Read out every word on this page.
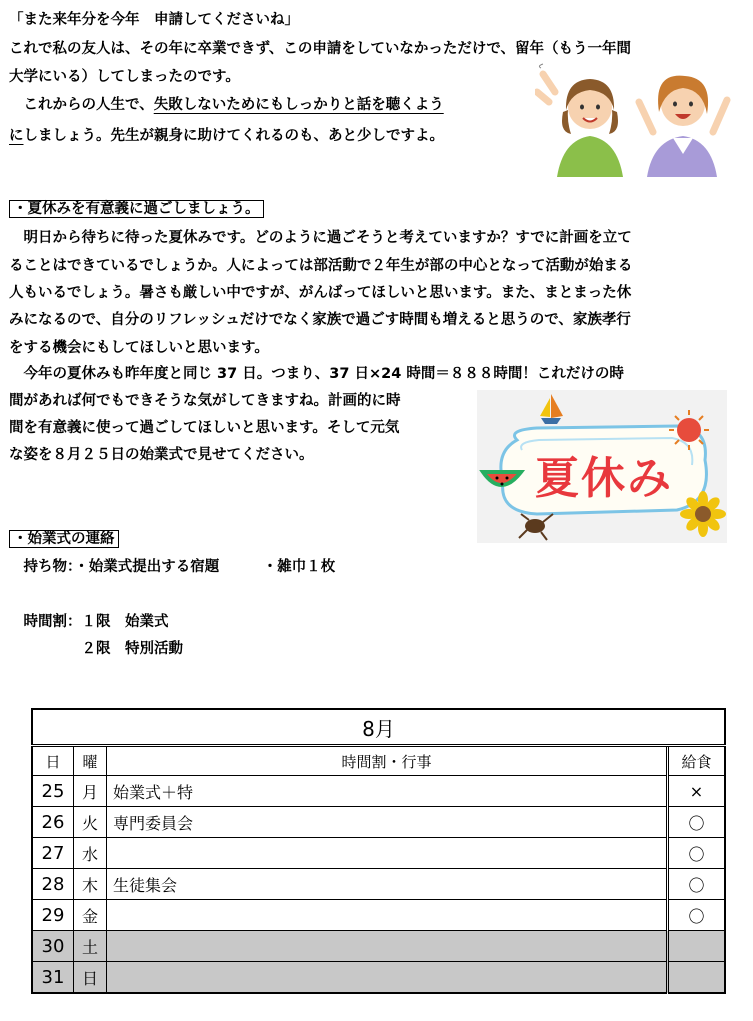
「また来年分を今年　申請してくださいね」
これで私の友人は、その年に卒業できず、この申請をしていなかっただけで、留年（もう一年間
大学にいる）してしまったのです。
　これからの人生で、失敗しないためにもしっかりと話を聴くよう
にしましょう。先生が親身に助けてくれるのも、あと少しですよ。
・夏休みを有意義に過ごしましょう。
　明日から待ちに待った夏休みです。どのように過ごそうと考えていますか？すでに計画を立て
ることはできているでしょうか。人によっては部活動で２年生が部の中心となって活動が始まる
人もいるでしょう。暑さも厳しい中ですが、がんばってほしいと思います。また、まとまった休
みになるので、自分のリフレッシュだけでなく家族で過ごす時間も増えると思うので、家族孝行
をする機会にもしてほしいと思います。
　今年の夏休みも昨年度と同じ 37 日。つまり、37 日×24 時間＝８８８時間！これだけの時
間があれば何でもできそうな気がしてきますね。計画的に時
間を有意義に使って過ごしてほしいと思います。そして元気
な姿を８月２５日の始業式で見せてください。	夏休み
・始業式の連絡
　持ち物：・始業式提出する宿題　　　・雑巾１枚
　時間割：１限　始業式
　　　　　２限　特別活動
8月			
日	曜	時間割・行事	給食
25	月	始業式＋特	×
26	火	専門委員会	〇
27	水		〇
28	木	生徒集会	〇
29	金		〇
30	土		
31	日		
